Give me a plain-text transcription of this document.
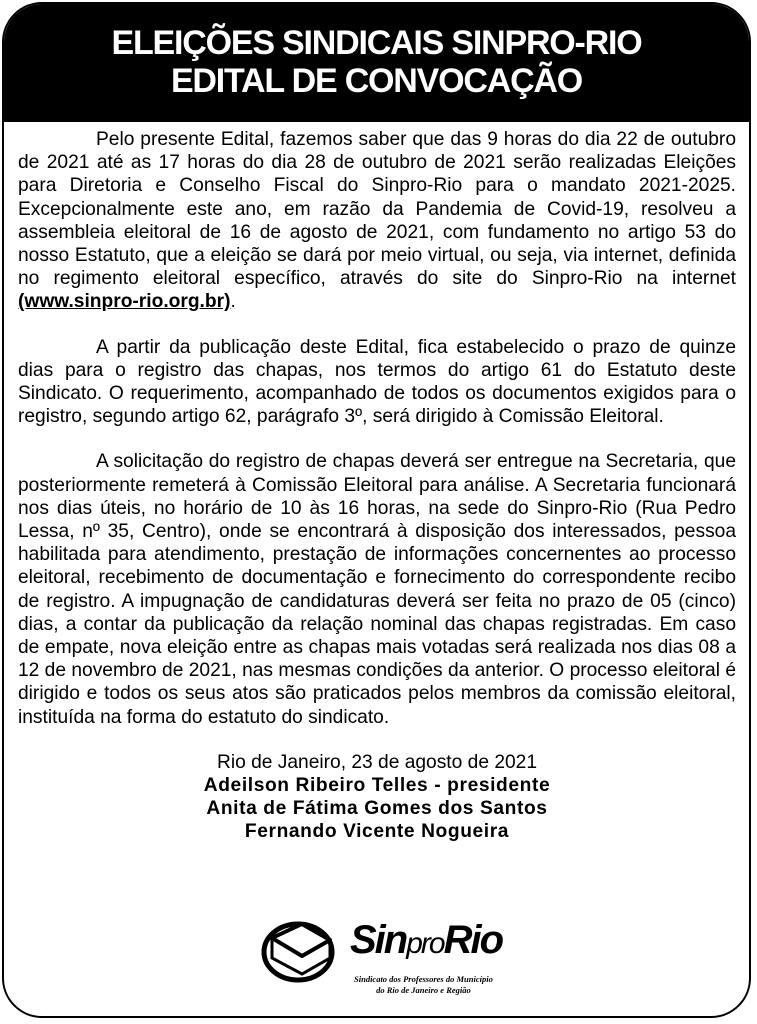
ELEIÇÕES SINDICAIS SINPRO-RIO
EDITAL DE CONVOCAÇÃO

Pelo presente Edital, fazemos saber que das 9 horas do dia 22 de outubro de 2021 até as 17 horas do dia 28 de outubro de 2021 serão realizadas Eleições para Diretoria e Conselho Fiscal do Sinpro-Rio para o mandato 2021-2025. Excepcionalmente este ano, em razão da Pandemia de Covid-19, resolveu a assembleia eleitoral de 16 de agosto de 2021, com fundamento no artigo 53 do nosso Estatuto, que a eleição se dará por meio virtual, ou seja, via internet, definida no regimento eleitoral específico, através do site do Sinpro-Rio na internet (www.sinpro-rio.org.br).

A partir da publicação deste Edital, fica estabelecido o prazo de quinze dias para o registro das chapas, nos termos do artigo 61 do Estatuto deste Sindicato. O requerimento, acompanhado de todos os documentos exigidos para o registro, segundo artigo 62, parágrafo 3º, será dirigido à Comissão Eleitoral.

A solicitação do registro de chapas deverá ser entregue na Secretaria, que posteriormente remeterá à Comissão Eleitoral para análise. A Secretaria funcionará nos dias úteis, no horário de 10 às 16 horas, na sede do Sinpro-Rio (Rua Pedro Lessa, nº 35, Centro), onde se encontrará à disposição dos interessados, pessoa habilitada para atendimento, prestação de informações concernentes ao processo eleitoral, recebimento de documentação e fornecimento do correspondente recibo de registro. A impugnação de candidaturas deverá ser feita no prazo de 05 (cinco) dias, a contar da publicação da relação nominal das chapas registradas. Em caso de empate, nova eleição entre as chapas mais votadas será realizada nos dias 08 a 12 de novembro de 2021, nas mesmas condições da anterior. O processo eleitoral é dirigido e todos os seus atos são praticados pelos membros da comissão eleitoral, instituída na forma do estatuto do sindicato.

Rio de Janeiro, 23 de agosto de 2021
Adeilson Ribeiro Telles - presidente
Anita de Fátima Gomes dos Santos
Fernando Vicente Nogueira
SinproRio
Sindicato dos Professores do Município
do Rio de Janeiro e Região
